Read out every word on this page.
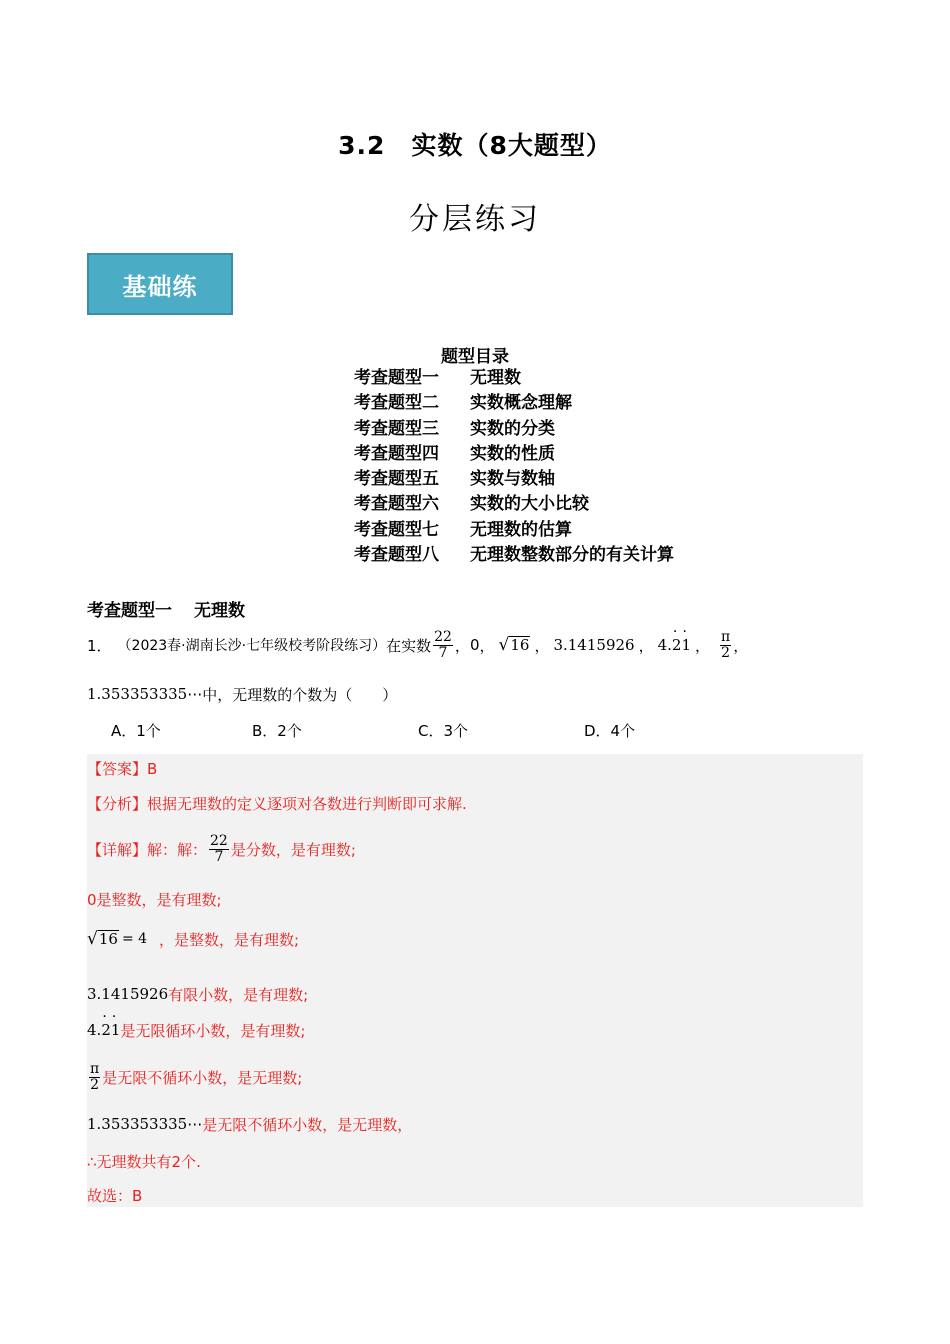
3.2　实数（8大题型）
分层练习
基础练
题型目录
考查题型一 无理数
考查题型二 实数概念理解
考查题型三 实数的分类
考查题型四 实数的性质
考查题型五 实数与数轴
考查题型六 实数的大小比较
考查题型七 无理数的估算
考查题型八 无理数整数部分的有关计算
考查题型一 无理数
1． （2023春·湖南长沙·七年级校考阶段练习） 在实数 $\frac{22}{7}$ ， 0 ， √ 16 ， 3.1415926 ， 4.· 2· 1 ， $\frac{\pi}{2}$ ，
1.353353335⋯ 中，无理数的个数为（　　）
A．1个	B．2个	C．3个	D．4个
【答案】B
【分析】根据无理数的定义逐项对各数进行判断即可求解.
【详解】解：解： $\frac{22}{7}$ 是分数，是有理数;
0是整数，是有理数;
√ 16 = 4 ，是整数，是有理数;
3.1415926 有限小数，是有理数;
4.· 2· 1 是无限循环小数，是有理数;
$\frac{\pi}{2}$ 是无限不循环小数，是无理数;
1.353353335⋯ 是无限不循环小数，是无理数，
∴无理数共有2个.
故选：B
